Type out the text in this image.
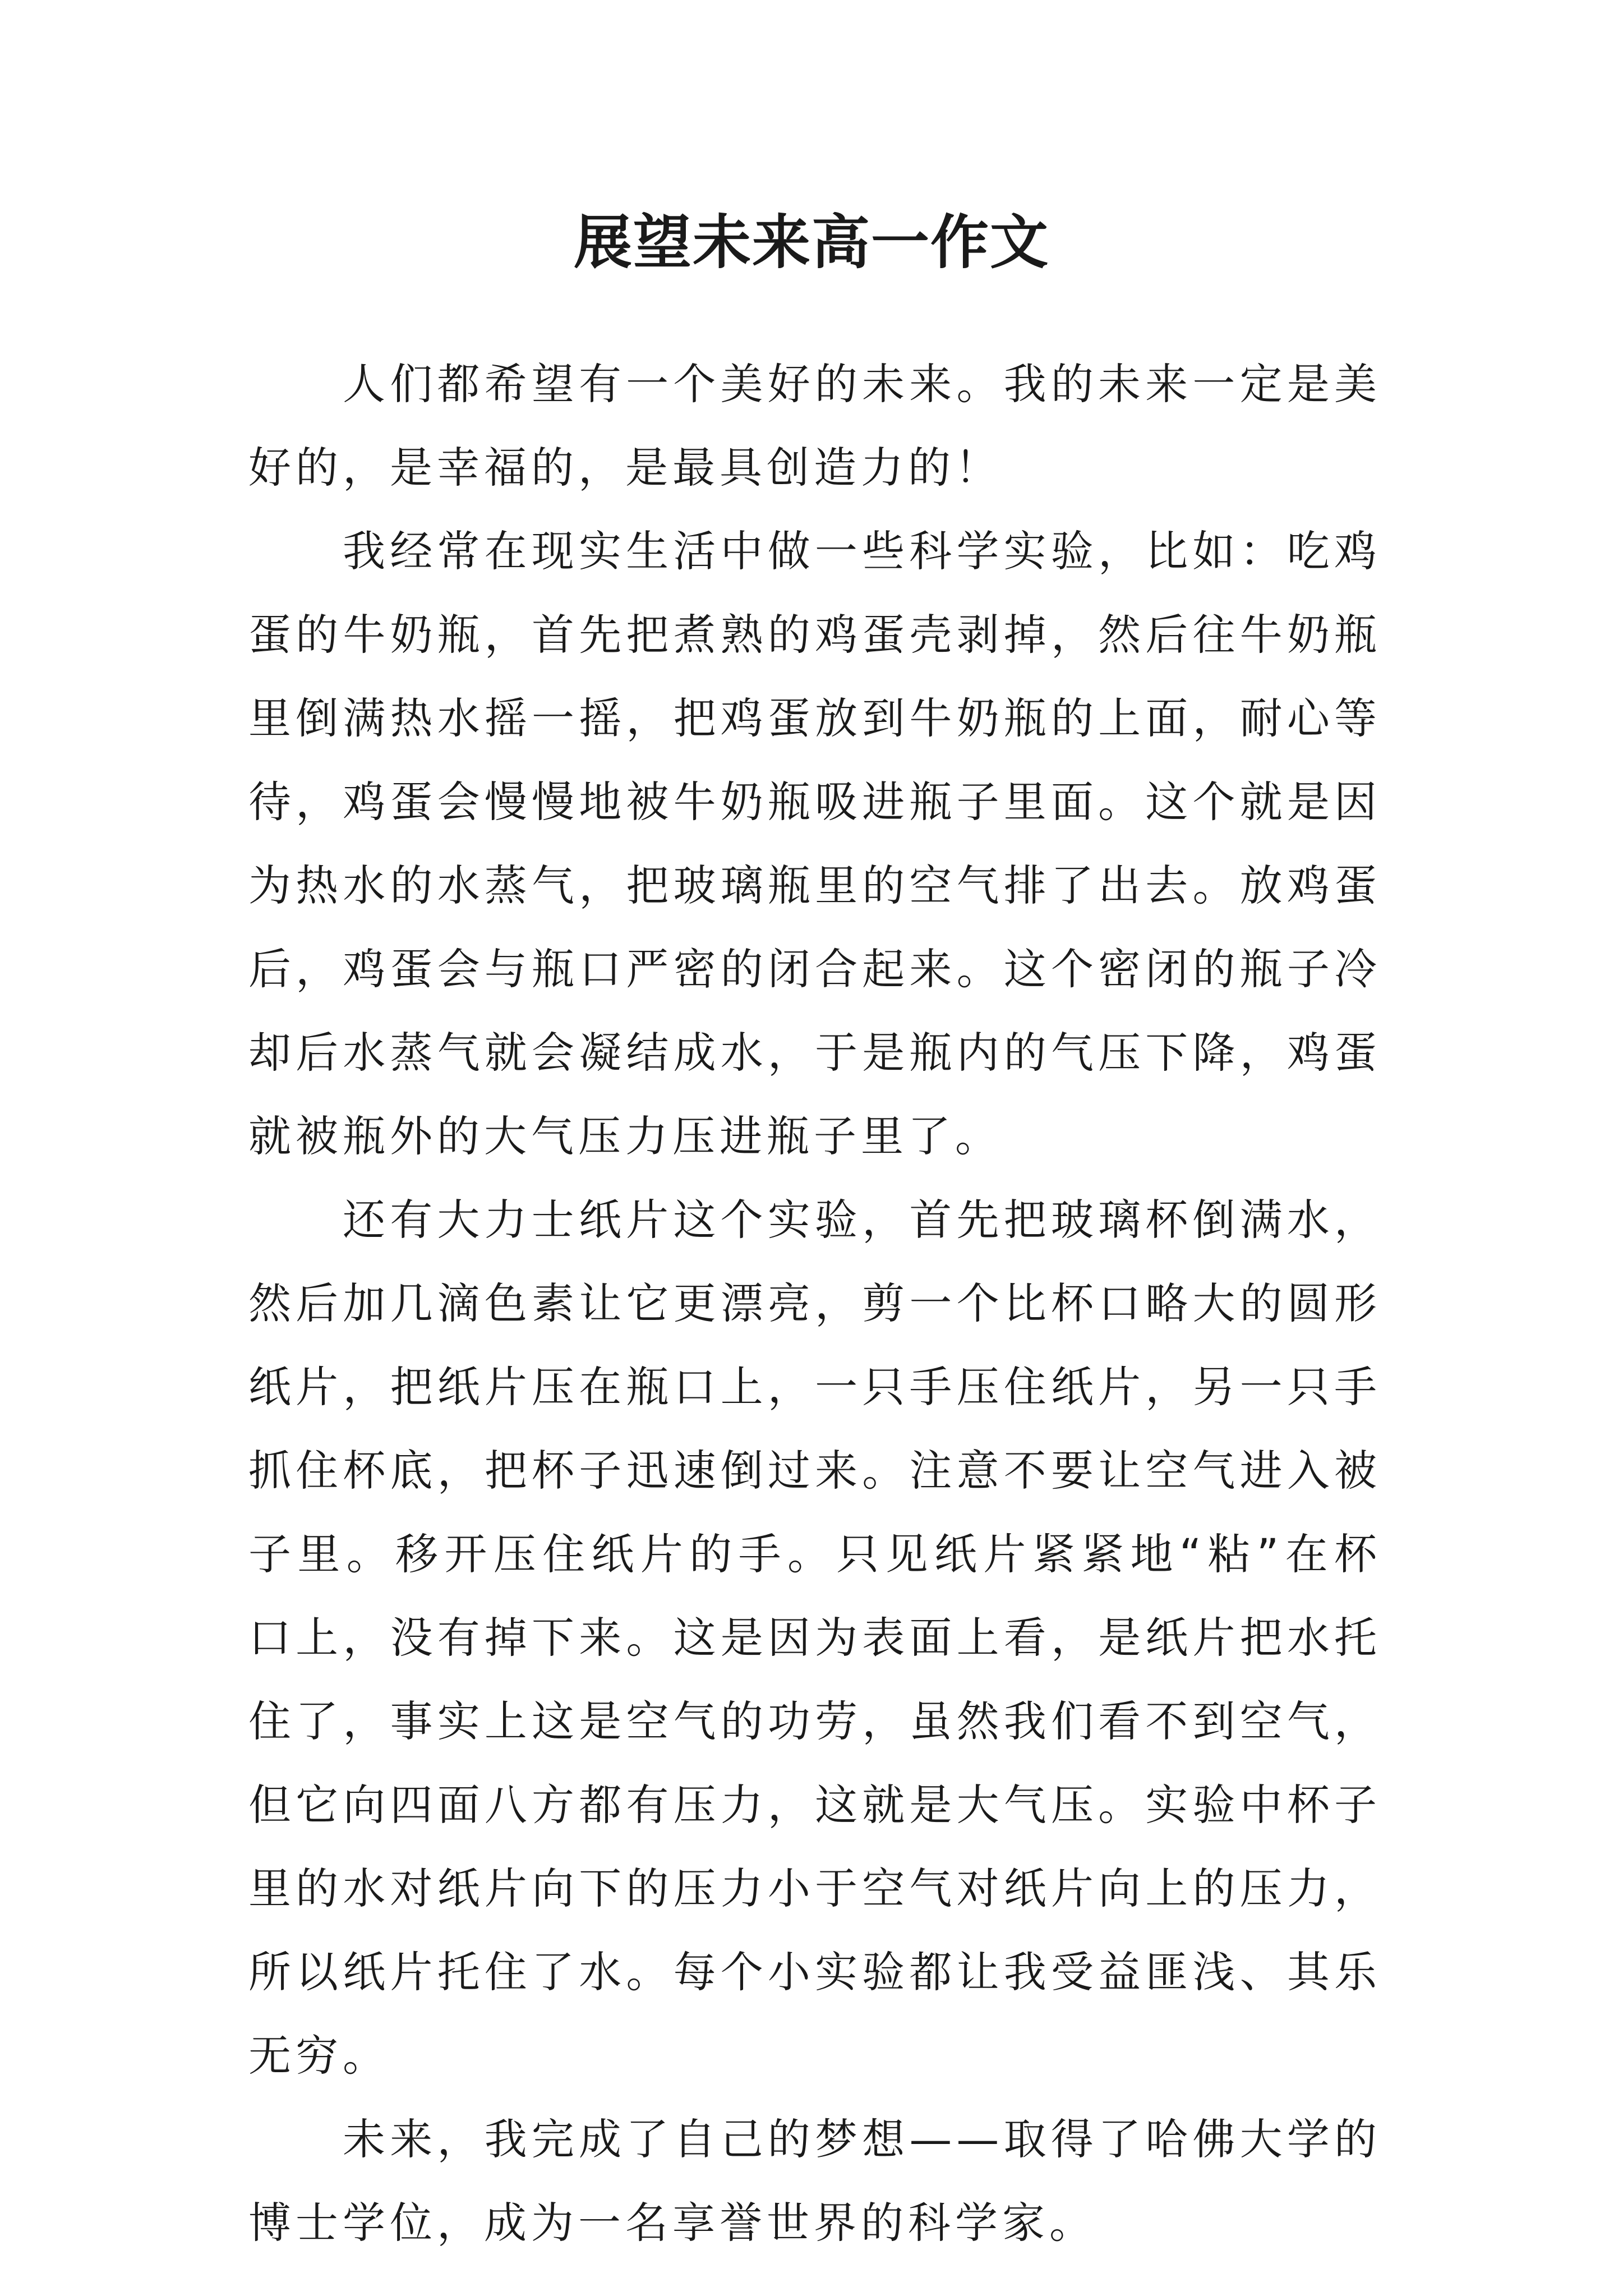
展望未来高一作文

人们都希望有一个美好的未来。我的未来一定是美好的，是幸福的，是最具创造力的！

我经常在现实生活中做一些科学实验，比如：吃鸡蛋的牛奶瓶，首先把煮熟的鸡蛋壳剥掉，然后往牛奶瓶里倒满热水摇一摇，把鸡蛋放到牛奶瓶的上面，耐心等待，鸡蛋会慢慢地被牛奶瓶吸进瓶子里面。这个就是因为热水的水蒸气，把玻璃瓶里的空气排了出去。放鸡蛋后，鸡蛋会与瓶口严密的闭合起来。这个密闭的瓶子冷却后水蒸气就会凝结成水，于是瓶内的气压下降，鸡蛋就被瓶外的大气压力压进瓶子里了。

还有大力士纸片这个实验，首先把玻璃杯倒满水，然后加几滴色素让它更漂亮，剪一个比杯口略大的圆形纸片，把纸片压在瓶口上，一只手压住纸片，另一只手抓住杯底，把杯子迅速倒过来。注意不要让空气进入被子里。移开压住纸片的手。只见纸片紧紧地“粘”在杯口上，没有掉下来。这是因为表面上看，是纸片把水托住了，事实上这是空气的功劳，虽然我们看不到空气，但它向四面八方都有压力，这就是大气压。实验中杯子里的水对纸片向下的压力小于空气对纸片向上的压力，所以纸片托住了水。每个小实验都让我受益匪浅、其乐无穷。

未来，我完成了自己的梦想——取得了哈佛大学的博士学位，成为一名享誉世界的科学家。
